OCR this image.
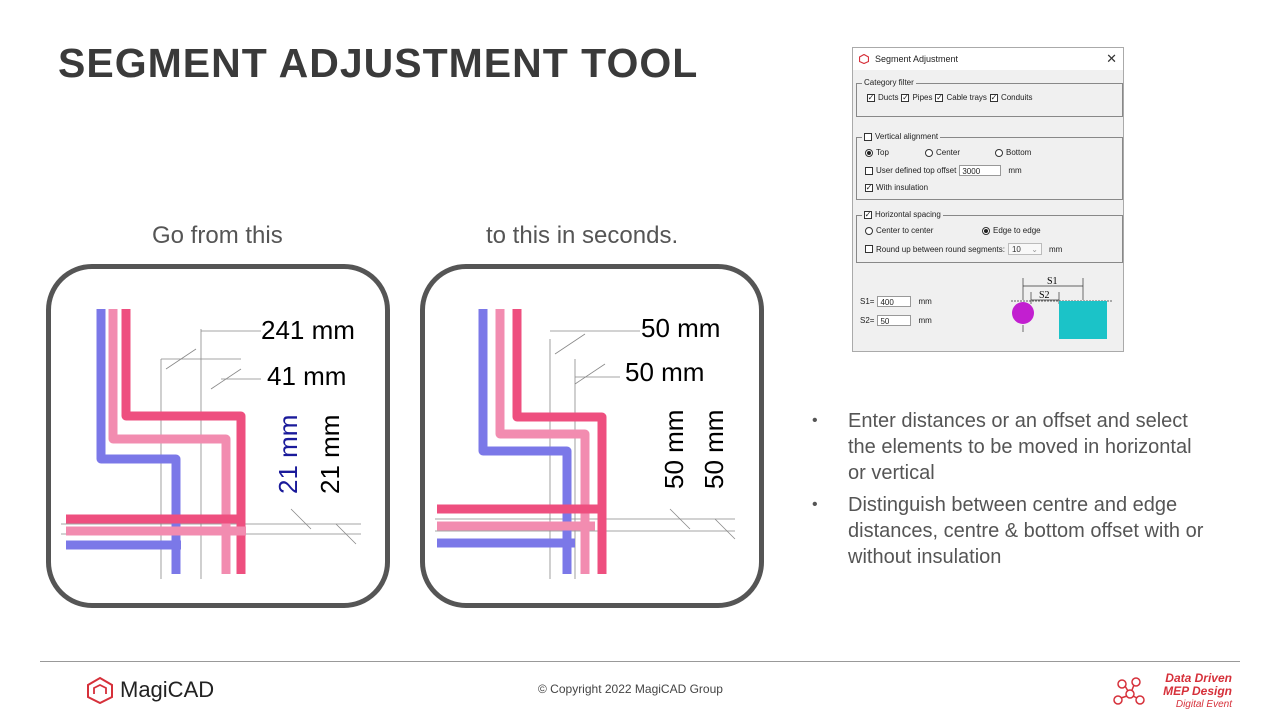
SEGMENT ADJUSTMENT TOOL
Go from this	to this in seconds.
241 mm
41 mm
21 mm 21 mm
50 mm
50 mm
50 mm 50 mm
Segment Adjustment	✕
Category filter
✓ Ducts ✓ Pipes ✓ Cable trays ✓ Conduits
Vertical alignment
Top	Center	Bottom
User defined top offset 3000	mm
✓ With insulation
✓ Horizontal spacing
Center to center	Edge to edge
Round up between round segments: 10 ⌄ mm
S1= 400	mm
S2= 50	mm
S1
S2
• Enter distances or an offset and select the elements to be moved in horizontal or vertical
• Distinguish between centre and edge distances, centre & bottom offset with or without insulation
MagiCAD	© Copyright 2022 MagiCAD Group
Data Driven
MEP Design
Digital Event
